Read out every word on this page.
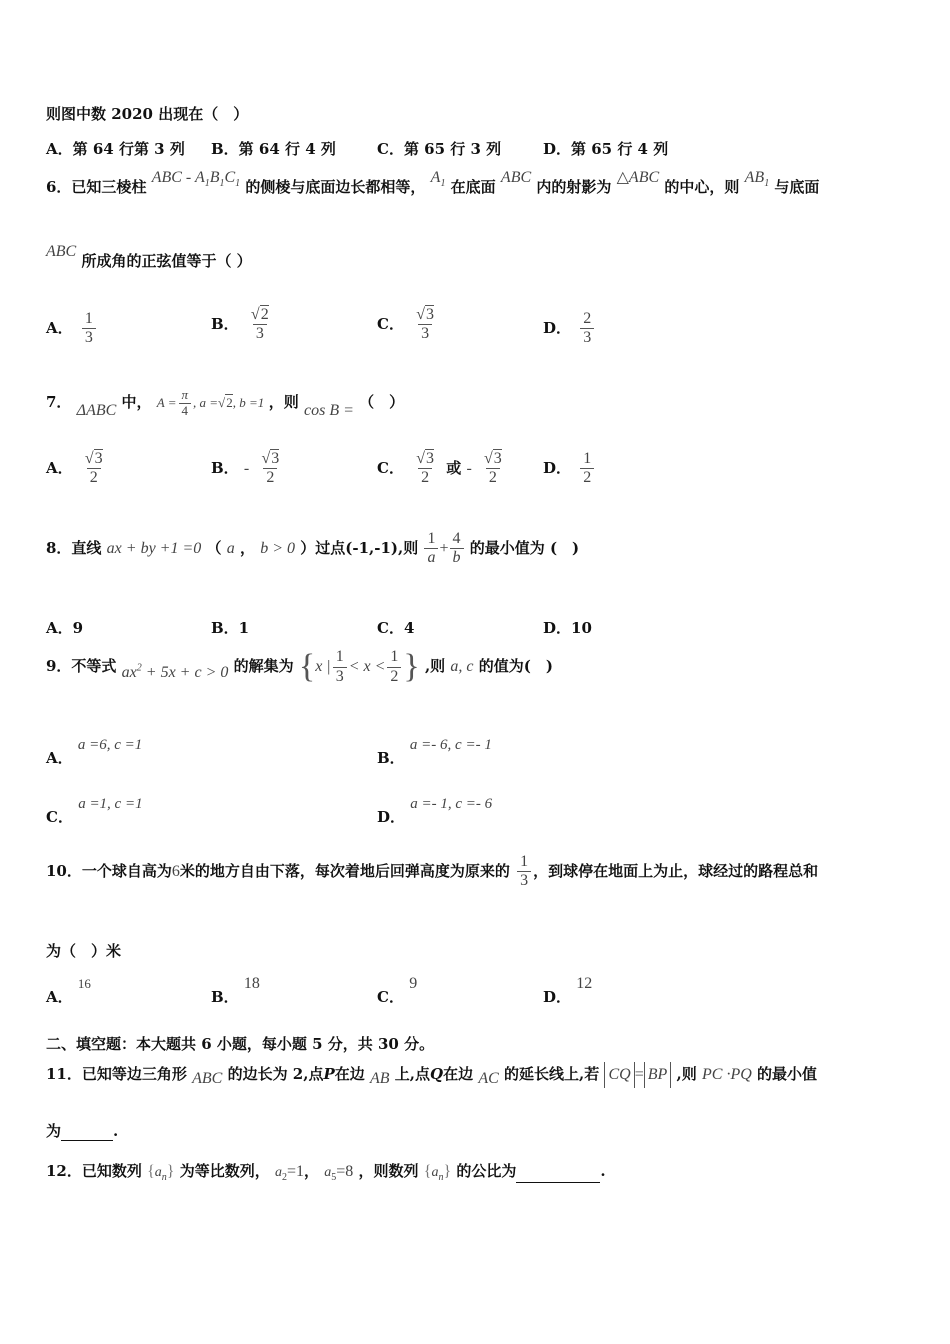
则图中数 2020 出现在（　）
A．第 64 行第 3 列 B．第 64 行 4 列	C．第 65 行 3 列	D．第 65 行 4 列
6．已知三棱柱 ABC - $A_1B_1C_1$ 的侧棱与底面边长都相等， $A_1$ 在底面 ABC 内的射影为 △ABC 的中心，则 $AB_1$ 与底面
ABC 所成角的正弦值等于（ ）
A． $\frac{1}{3}$	B． $\frac{√2}{3}$	C． $\frac{√3}{3}$	D． $\frac{2}{3}$
7． ΔABC 中， $A = \frac{\pi}{4}$ , a =√2, b =1 ，则 cos B = （　）
A． $\frac{√3}{2}$	B． - $\frac{√3}{2}$	C． $\frac{√3}{2}$ 或 - $\frac{√3}{2}$	D． $\frac{1}{2}$
8．直线 ax + by +1 =0 （ a ， b > 0 ）过点(-1,-1),则 $\frac{1}{a} + \frac{4}{b}$ 的最小值为 (　)
A．9	B．1	C．4	D．10
9．不等式 $ax^2 + 5x + c > 0$ 的解集为 {x | $\frac{1}{3} < x < \frac{1}{2}$ } ,则 a, c 的值为(　)
A． a =6, c =1
B． a =- 6, c =- 1
C． a =1, c =1
D． a =- 1, c =- 6
10．一个球自高为6米的地方自由下落，每次着地后回弹高度为原来的 $\frac{1}{3}$ ，到球停在地面上为止，球经过的路程总和
为（　）米
A． 16
B． 18
C． 9
D． 12
二、填空题：本大题共 6 小题，每小题 5 分，共 30 分。
11．已知等边三角形 ABC 的边长为 2,点P在边 AB 上,点Q在边 AC 的延长线上,若 CQ = BP ,则 PC ·PQ 的最小值
为	.
12．已知数列 $\{a_n\}$ 为等比数列， $a_2=1$， $a_5=8$ ，则数列 $\{a_n\}$ 的公比为	.
